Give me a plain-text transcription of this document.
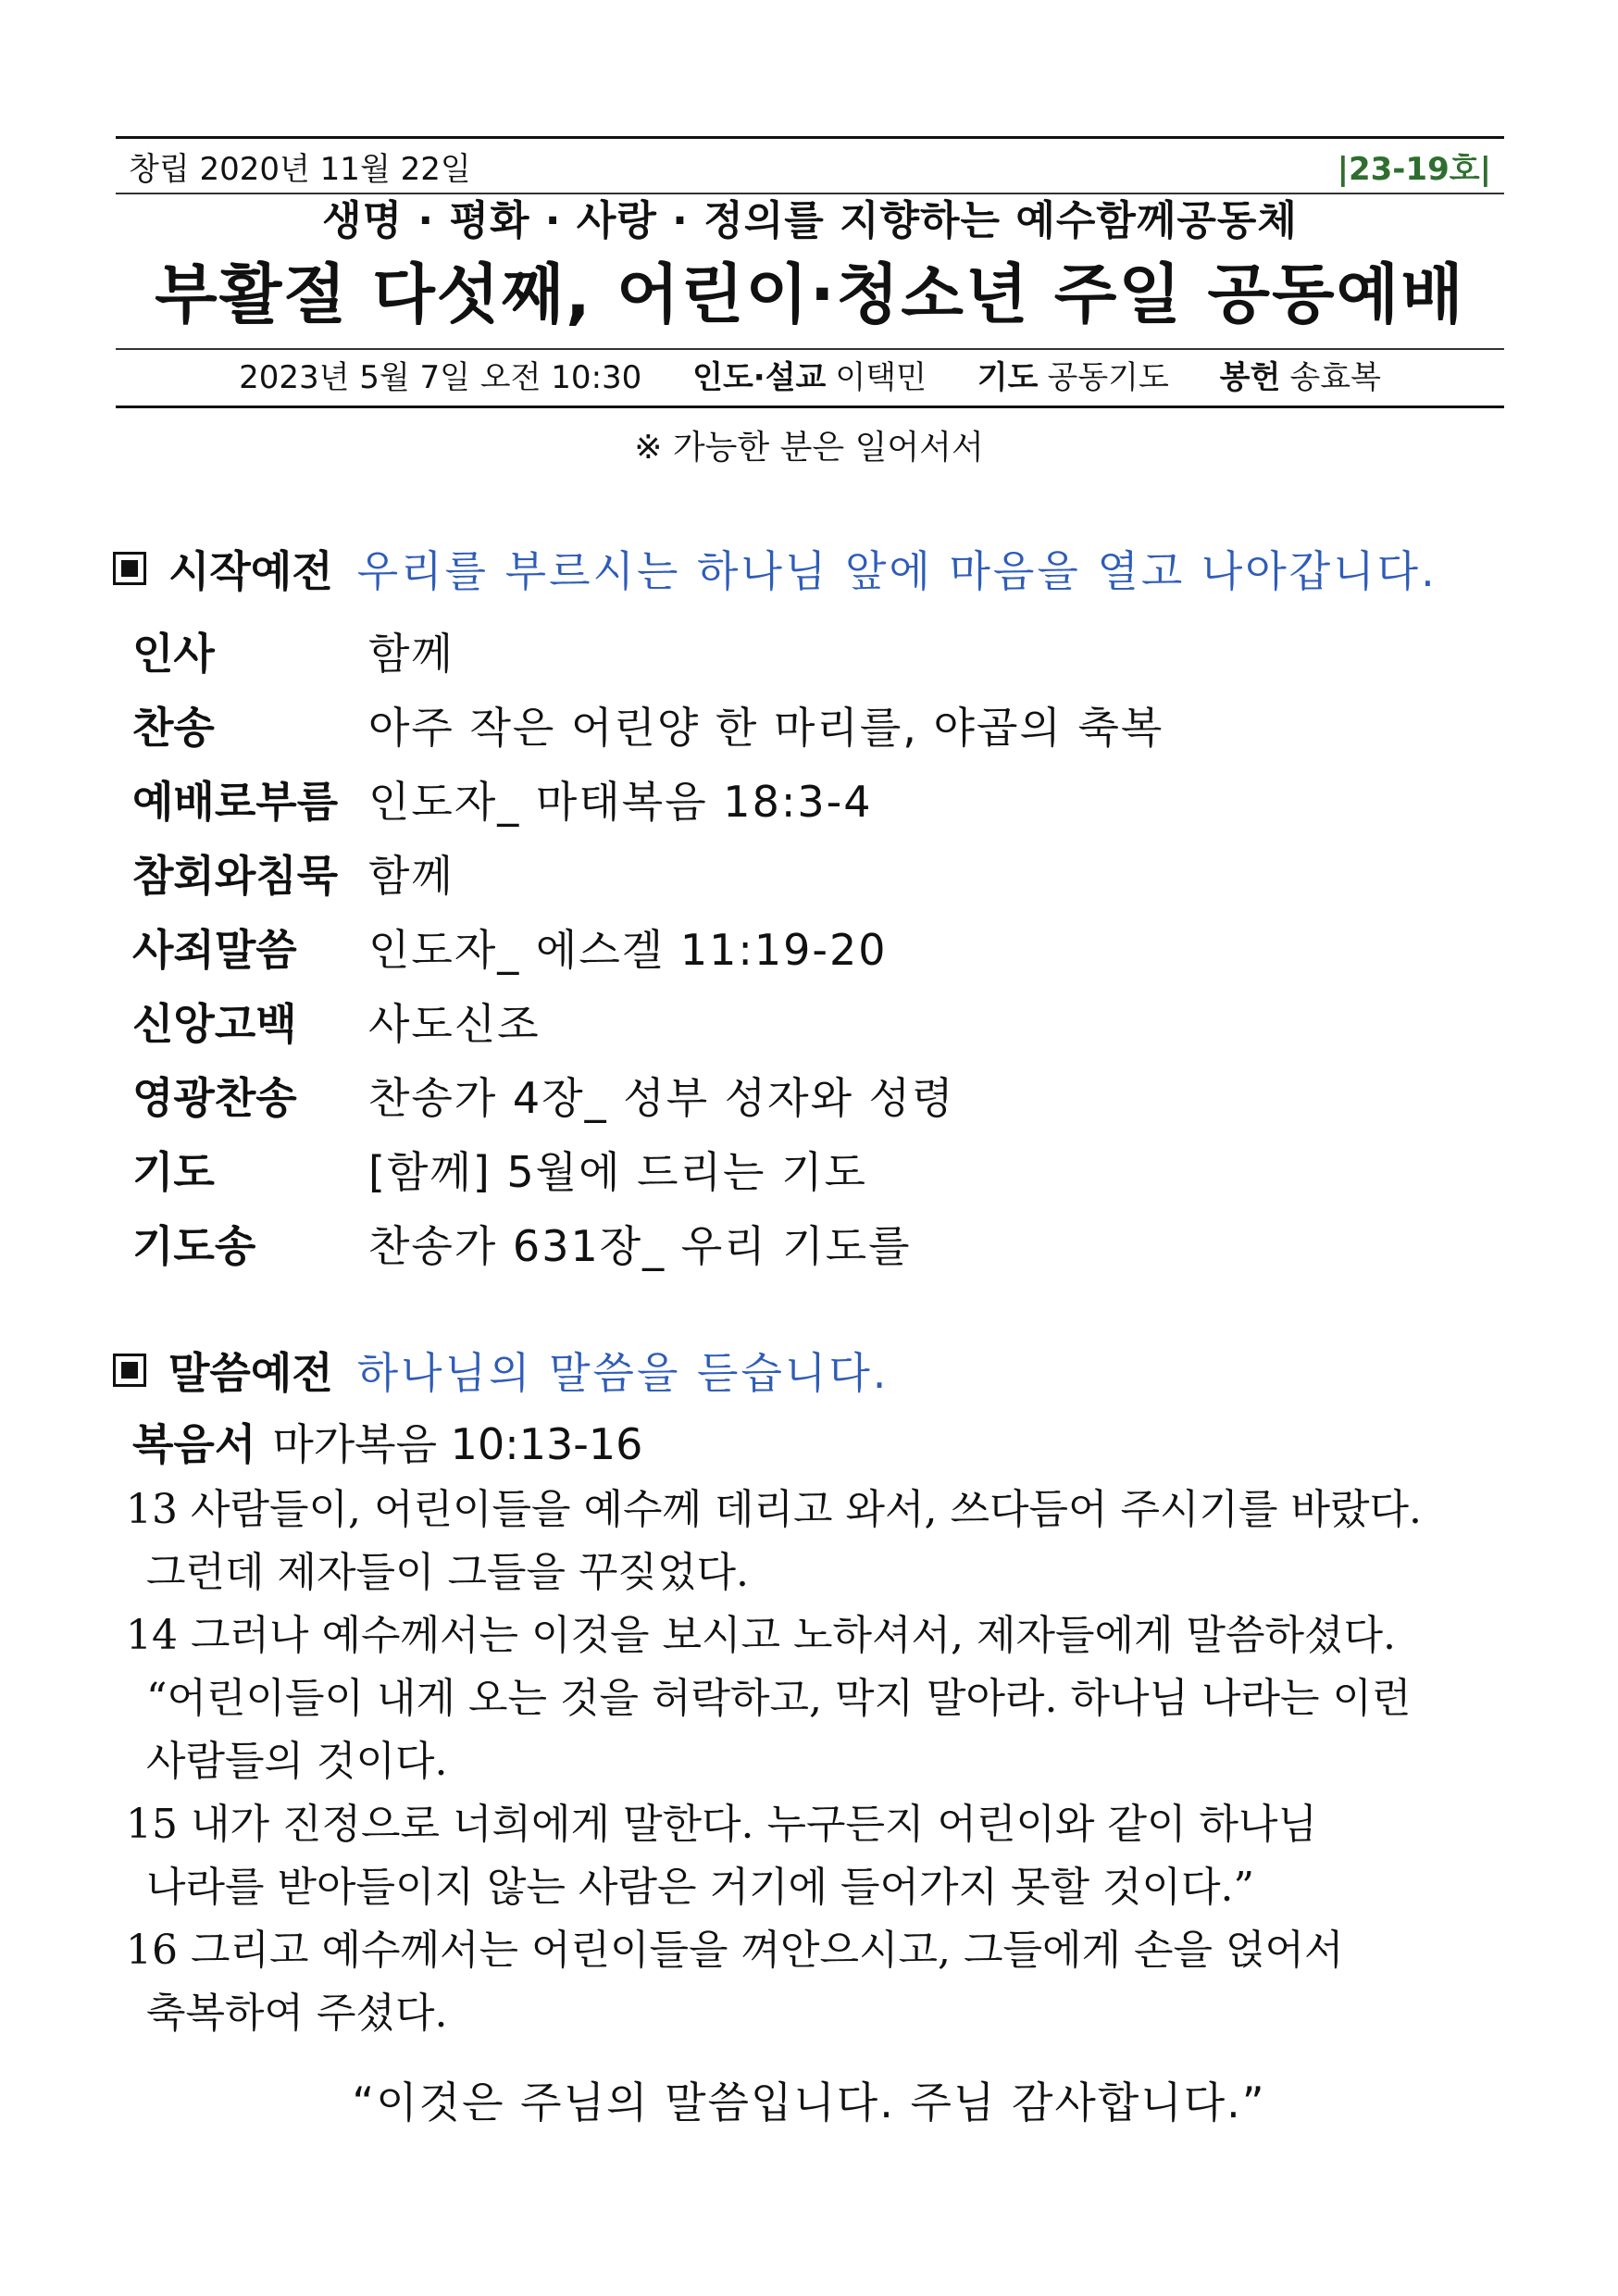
창립 2020년 11월 22일	|23-19호|
생명 · 평화 · 사랑 · 정의를 지향하는 예수함께공동체
부활절 다섯째, 어린이·청소년 주일 공동예배
2023년 5월 7일 오전 10:30 인도·설교 이택민 기도 공동기도 봉헌 송효복
※ 가능한 분은 일어서서
시작예전 우리를 부르시는 하나님 앞에 마음을 열고 나아갑니다.
인사	함께
찬송	아주 작은 어린양 한 마리를, 야곱의 축복
예배로부름 인도자_ 마태복음 18:3-4
참회와침묵 함께
사죄말씀	인도자_ 에스겔 11:19-20
신앙고백	사도신조
영광찬송	찬송가 4장_ 성부 성자와 성령
기도	[함께] 5월에 드리는 기도
기도송	찬송가 631장_ 우리 기도를
말씀예전 하나님의 말씀을 듣습니다.
복음서 마가복음 10:13-16
13 사람들이, 어린이들을 예수께 데리고 와서, 쓰다듬어 주시기를 바랐다.
그런데 제자들이 그들을 꾸짖었다.
14 그러나 예수께서는 이것을 보시고 노하셔서, 제자들에게 말씀하셨다.
“어린이들이 내게 오는 것을 허락하고, 막지 말아라. 하나님 나라는 이런
사람들의 것이다.
15 내가 진정으로 너희에게 말한다. 누구든지 어린이와 같이 하나님
나라를 받아들이지 않는 사람은 거기에 들어가지 못할 것이다.”
16 그리고 예수께서는 어린이들을 껴안으시고, 그들에게 손을 얹어서
축복하여 주셨다.
“이것은 주님의 말씀입니다. 주님 감사합니다.”
